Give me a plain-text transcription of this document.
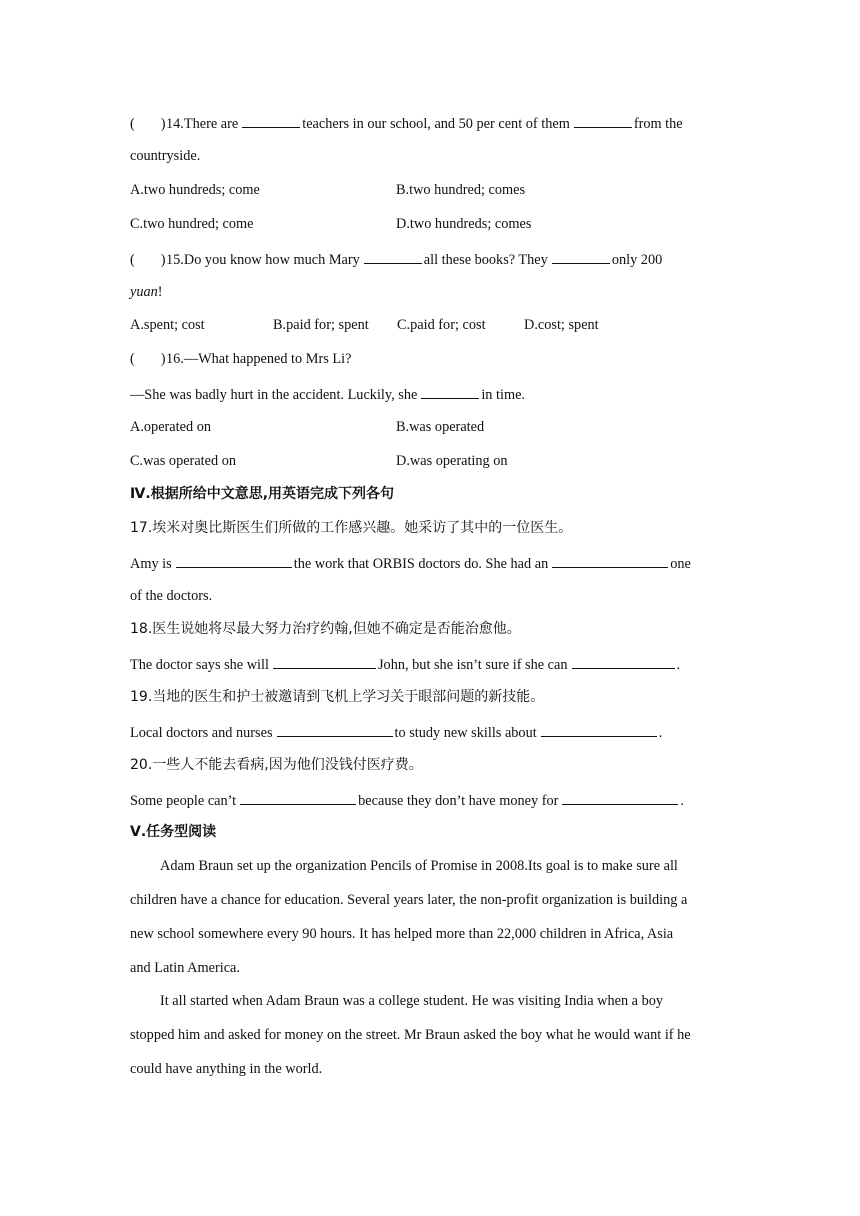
( )14.There are	teachers in our school, and 50 per cent of them	from the
countryside.
A.two hundreds; come	B.two hundred; comes
C.two hundred; come	D.two hundreds; comes
( )15.Do you know how much Mary	all these books? They	only 200
yuan!
A.spent; cost	B.paid for; spent C.paid for; cost	D.cost; spent
( )16.—What happened to Mrs Li?
—She was badly hurt in the accident. Luckily, she	in time.
A.operated on	B.was operated
C.was operated on	D.was operating on
Ⅳ.根据所给中文意思,用英语完成下列各句
17.埃米对奥比斯医生们所做的工作感兴趣。她采访了其中的一位医生。
Amy is	the work that ORBIS doctors do. She had an	one
of the doctors.
18.医生说她将尽最大努力治疗约翰,但她不确定是否能治愈他。
The doctor says she will	John, but she isn’t sure if she can	.
19.当地的医生和护士被邀请到飞机上学习关于眼部问题的新技能。
Local doctors and nurses	to study new skills about	.
20.一些人不能去看病,因为他们没钱付医疗费。
Some people can’t	because they don’t have money for	.
Ⅴ.任务型阅读
Adam Braun set up the organization Pencils of Promise in 2008.Its goal is to make sure all
children have a chance for education. Several years later, the non-profit organization is building a
new school somewhere every 90 hours. It has helped more than 22,000 children in Africa, Asia
and Latin America.
It all started when Adam Braun was a college student. He was visiting India when a boy
stopped him and asked for money on the street. Mr Braun asked the boy what he would want if he
could have anything in the world.
